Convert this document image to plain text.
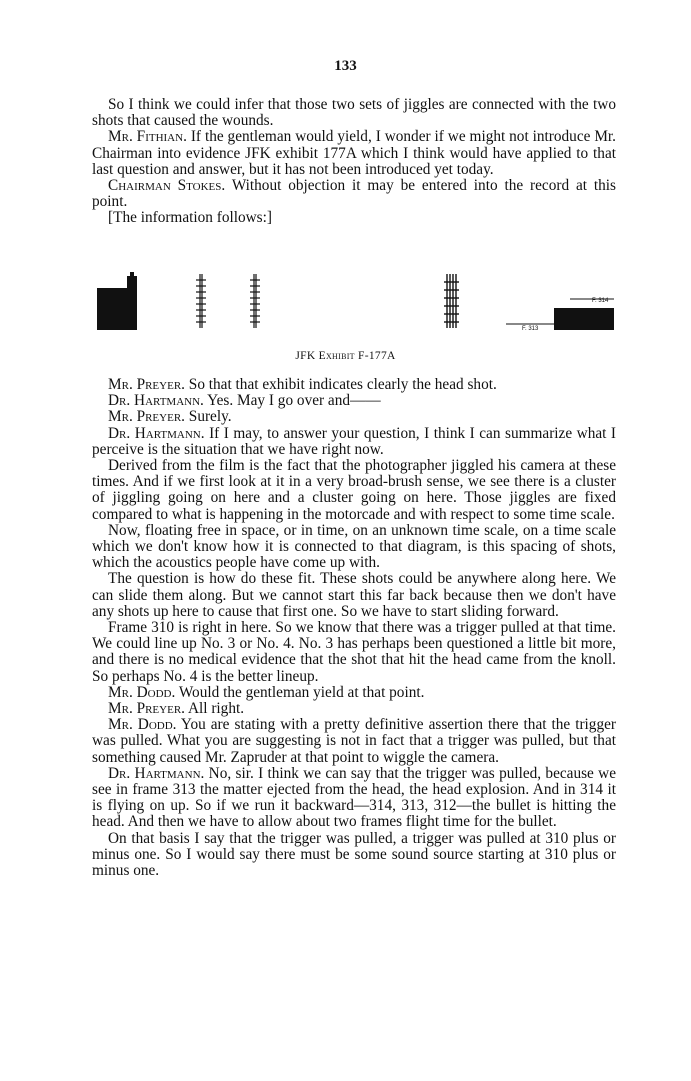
133

So I think we could infer that those two sets of jiggles are connected with the two shots that caused the wounds.

Mr. Fithian. If the gentleman would yield, I wonder if we might not introduce Mr. Chairman into evidence JFK exhibit 177A which I think would have applied to that last question and answer, but it has not been introduced yet today.

Chairman Stokes. Without objection it may be entered into the record at this point.

[The information follows:]

F. 314
F. 313
JFK Exhibit F-177A

Mr. Preyer. So that that exhibit indicates clearly the head shot.

Dr. Hartmann. Yes. May I go over and——

Mr. Preyer. Surely.

Dr. Hartmann. If I may, to answer your question, I think I can summarize what I perceive is the situation that we have right now.

Derived from the film is the fact that the photographer jiggled his camera at these times. And if we first look at it in a very broad-brush sense, we see there is a cluster of jiggling going on here and a cluster going on here. Those jiggles are fixed compared to what is happening in the motorcade and with respect to some time scale.

Now, floating free in space, or in time, on an unknown time scale, on a time scale which we don't know how it is connected to that diagram, is this spacing of shots, which the acoustics people have come up with.

The question is how do these fit. These shots could be anywhere along here. We can slide them along. But we cannot start this far back because then we don't have any shots up here to cause that first one. So we have to start sliding forward.

Frame 310 is right in here. So we know that there was a trigger pulled at that time. We could line up No. 3 or No. 4. No. 3 has perhaps been questioned a little bit more, and there is no medical evidence that the shot that hit the head came from the knoll. So perhaps No. 4 is the better lineup.

Mr. Dodd. Would the gentleman yield at that point.

Mr. Preyer. All right.

Mr. Dodd. You are stating with a pretty definitive assertion there that the trigger was pulled. What you are suggesting is not in fact that a trigger was pulled, but that something caused Mr. Zapruder at that point to wiggle the camera.

Dr. Hartmann. No, sir. I think we can say that the trigger was pulled, because we see in frame 313 the matter ejected from the head, the head explosion. And in 314 it is flying on up. So if we run it backward—314, 313, 312—the bullet is hitting the head. And then we have to allow about two frames flight time for the bullet.

On that basis I say that the trigger was pulled, a trigger was pulled at 310 plus or minus one. So I would say there must be some sound source starting at 310 plus or minus one.
